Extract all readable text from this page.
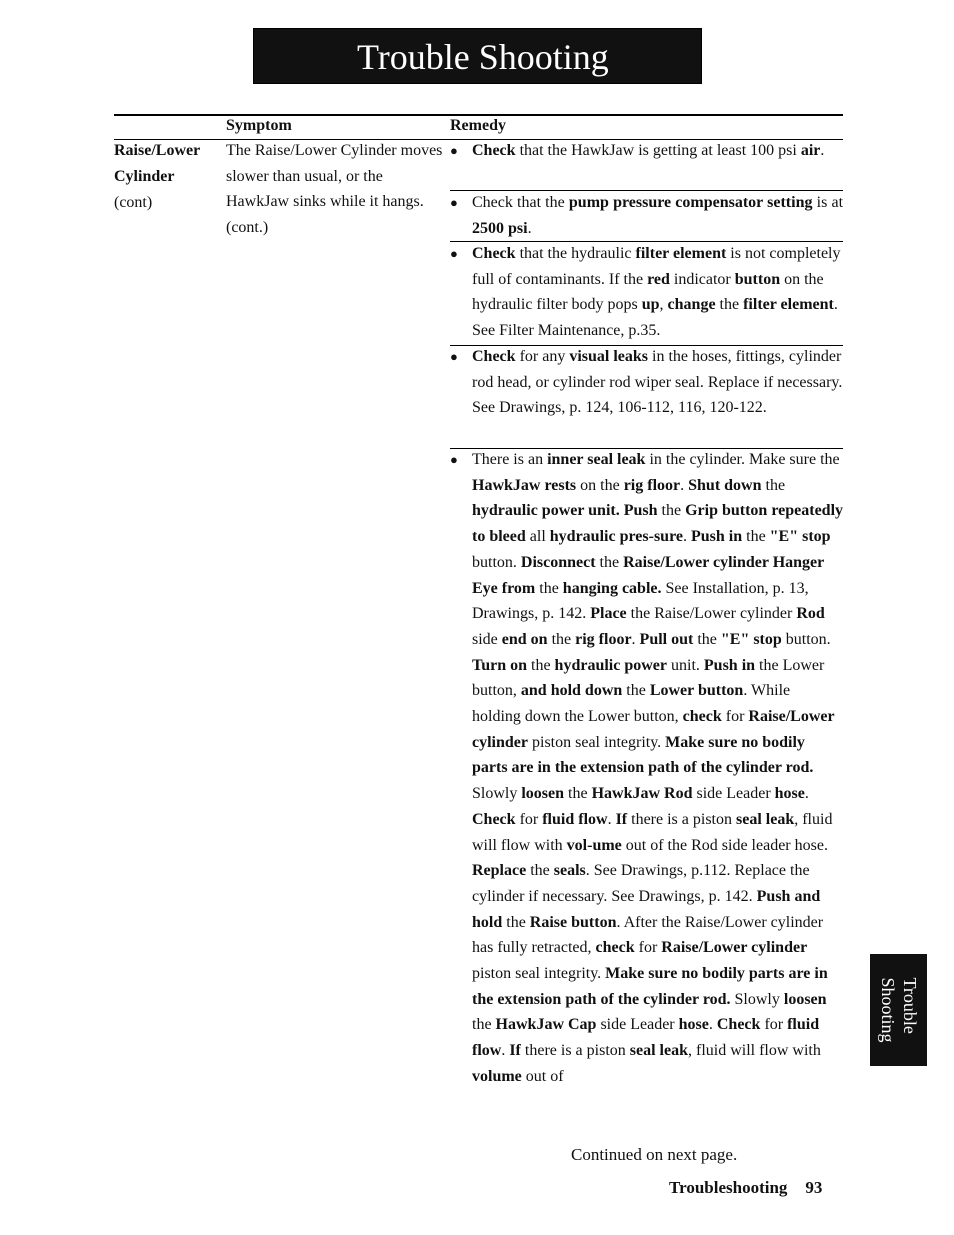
Trouble Shooting
Symptom	Remedy
Raise/Lower Cylinder
(cont)
The Raise/Lower Cylinder moves slower than usual, or the HawkJaw sinks while it hangs.(cont.)
● Check that the HawkJaw is getting at least 100 psi air.
● Check that the pump pressure compensator setting is at 2500 psi.
● Check that the hydraulic filter element is not completely full of contaminants. If the red indicator button on the hydraulic filter body pops up, change the filter element. See Filter Maintenance, p.35.
● Check for any visual leaks in the hoses, fittings, cylinder rod head, or cylinder rod wiper seal. Replace if necessary. See Drawings, p. 124, 106-112, 116, 120-122.
● There is an inner seal leak in the cylinder. Make sure the HawkJaw rests on the rig floor. Shut down the hydraulic power unit. Push the Grip button repeatedly to bleed all hydraulic pres-sure. Push in the "E" stop button. Disconnect the Raise/Lower cylinder Hanger Eye from the hanging cable. See Installation, p. 13, Drawings, p. 142. Place the Raise/Lower cylinder Rod side end on the rig floor. Pull out the "E" stop button. Turn on the hydraulic power unit. Push in the Lower button, and hold down the Lower button. While holding down the Lower button, check for Raise/Lower cylinder piston seal integrity. Make sure no bodily parts are in the extension path of the cylinder rod. Slowly loosen the HawkJaw Rod side Leader hose. Check for fluid flow. If there is a piston seal leak, fluid will flow with vol-ume out of the Rod side leader hose. Replace the seals. See Drawings, p.112. Replace the cylinder if necessary. See Drawings, p. 142. Push and hold the Raise button. After the Raise/Lower cylinder has fully retracted, check for Raise/Lower cylinder piston seal integrity. Make sure no bodily parts are in the extension path of the cylinder rod. Slowly loosen the HawkJaw Cap side Leader hose. Check for fluid flow. If there is a piston seal leak, fluid will flow with volume out of
Continued on next page.
Troubleshooting 93
Trouble
Shooting
